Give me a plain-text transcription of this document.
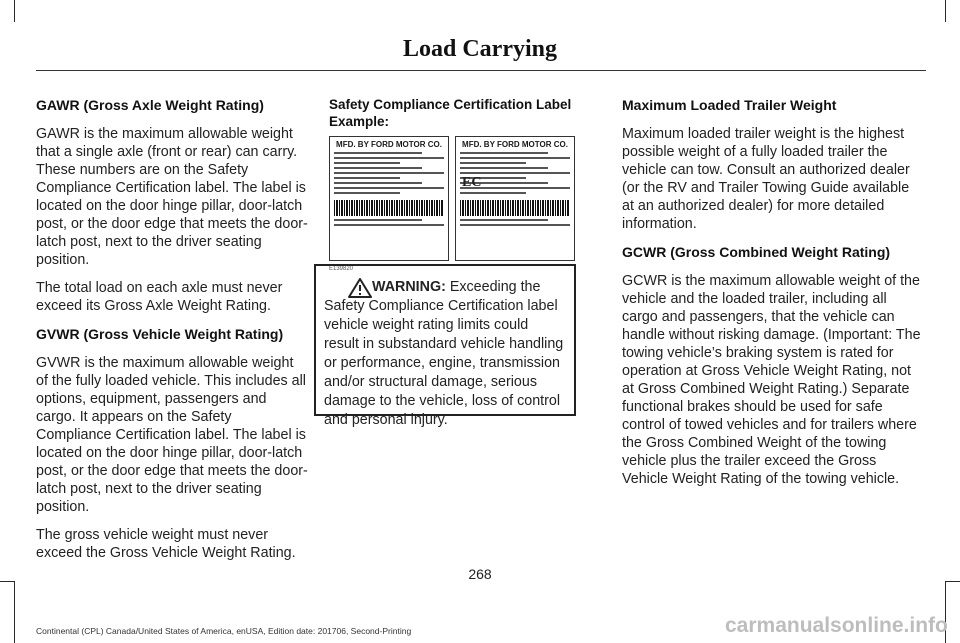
Load Carrying
GAWR (Gross Axle Weight Rating)

GAWR is the maximum allowable weight that a single axle (front or rear) can carry. These numbers are on the Safety Compliance Certification label. The label is located on the door hinge pillar, door-latch post, or the door edge that meets the door-latch post, next to the driver seating position.

The total load on each axle must never exceed its Gross Axle Weight Rating.

GVWR (Gross Vehicle Weight Rating)

GVWR is the maximum allowable weight of the fully loaded vehicle. This includes all options, equipment, passengers and cargo. It appears on the Safety Compliance Certification label. The label is located on the door hinge pillar, door-latch post, or the door edge that meets the door-latch post, next to the driver seating position.

The gross vehicle weight must never exceed the Gross Vehicle Weight Rating.

Safety Compliance Certification Label Example:
MFD. BY FORD MOTOR CO.	MFD. BY FORD MOTOR CO.
EC
E139820

WARNING: Exceeding the Safety Compliance Certification label vehicle weight rating limits could result in substandard vehicle handling or performance, engine, transmission and/or structural damage, serious damage to the vehicle, loss of control and personal injury.

Maximum Loaded Trailer Weight

Maximum loaded trailer weight is the highest possible weight of a fully loaded trailer the vehicle can tow. Consult an authorized dealer (or the RV and Trailer Towing Guide available at an authorized dealer) for more detailed information.

GCWR (Gross Combined Weight Rating)

GCWR is the maximum allowable weight of the vehicle and the loaded trailer, including all cargo and passengers, that the vehicle can handle without risking damage. (Important: The towing vehicle’s braking system is rated for operation at Gross Vehicle Weight Rating, not at Gross Combined Weight Rating.) Separate functional brakes should be used for safe control of towed vehicles and for trailers where the Gross Combined Weight of the towing vehicle plus the trailer exceed the Gross Vehicle Weight Rating of the towing vehicle.

268
Continental (CPL) Canada/United States of America, enUSA, Edition date: 201706, Second-Printing	carmanualsonline.info
